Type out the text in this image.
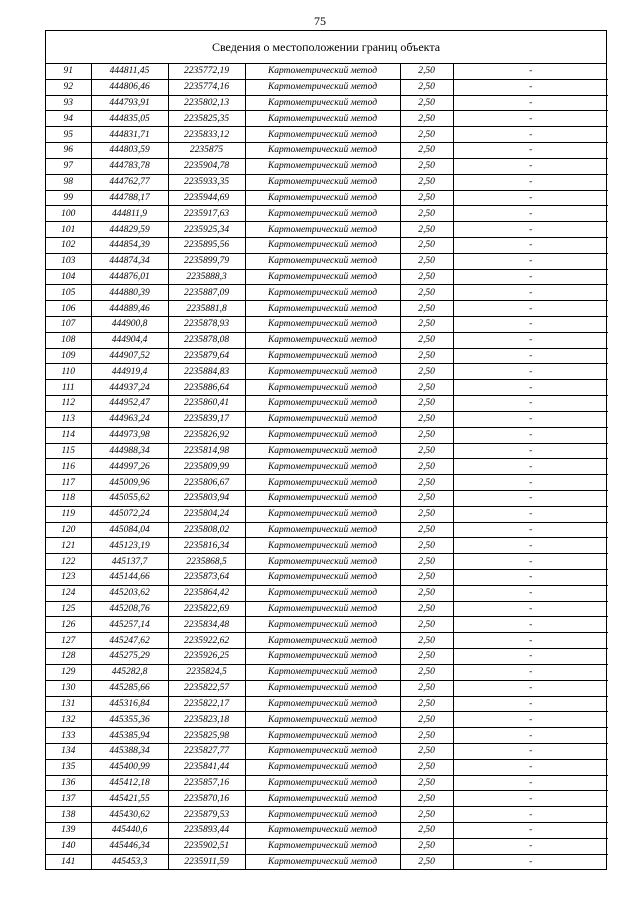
75
Сведения о местоположении границ объекта
91	444811,45	2235772,19	Картометрический метод	2,50	-
92	444806,46	2235774,16	Картометрический метод	2,50	-
93	444793,91	2235802,13	Картометрический метод	2,50	-
94	444835,05	2235825,35	Картометрический метод	2,50	-
95	444831,71	2235833,12	Картометрический метод	2,50	-
96	444803,59	2235875	Картометрический метод	2,50	-
97	444783,78	2235904,78	Картометрический метод	2,50	-
98	444762,77	2235933,35	Картометрический метод	2,50	-
99	444788,17	2235944,69	Картометрический метод	2,50	-
100	444811,9	2235917,63	Картометрический метод	2,50	-
101	444829,59	2235925,34	Картометрический метод	2,50	-
102	444854,39	2235895,56	Картометрический метод	2,50	-
103	444874,34	2235899,79	Картометрический метод	2,50	-
104	444876,01	2235888,3	Картометрический метод	2,50	-
105	444880,39	2235887,09	Картометрический метод	2,50	-
106	444889,46	2235881,8	Картометрический метод	2,50	-
107	444900,8	2235878,93	Картометрический метод	2,50	-
108	444904,4	2235878,08	Картометрический метод	2,50	-
109	444907,52	2235879,64	Картометрический метод	2,50	-
110	444919,4	2235884,83	Картометрический метод	2,50	-
111	444937,24	2235886,64	Картометрический метод	2,50	-
112	444952,47	2235860,41	Картометрический метод	2,50	-
113	444963,24	2235839,17	Картометрический метод	2,50	-
114	444973,98	2235826,92	Картометрический метод	2,50	-
115	444988,34	2235814,98	Картометрический метод	2,50	-
116	444997,26	2235809,99	Картометрический метод	2,50	-
117	445009,96	2235806,67	Картометрический метод	2,50	-
118	445055,62	2235803,94	Картометрический метод	2,50	-
119	445072,24	2235804,24	Картометрический метод	2,50	-
120	445084,04	2235808,02	Картометрический метод	2,50	-
121	445123,19	2235816,34	Картометрический метод	2,50	-
122	445137,7	2235868,5	Картометрический метод	2,50	-
123	445144,66	2235873,64	Картометрический метод	2,50	-
124	445203,62	2235864,42	Картометрический метод	2,50	-
125	445208,76	2235822,69	Картометрический метод	2,50	-
126	445257,14	2235834,48	Картометрический метод	2,50	-
127	445247,62	2235922,62	Картометрический метод	2,50	-
128	445275,29	2235926,25	Картометрический метод	2,50	-
129	445282,8	2235824,5	Картометрический метод	2,50	-
130	445285,66	2235822,57	Картометрический метод	2,50	-
131	445316,84	2235822,17	Картометрический метод	2,50	-
132	445355,36	2235823,18	Картометрический метод	2,50	-
133	445385,94	2235825,98	Картометрический метод	2,50	-
134	445388,34	2235827,77	Картометрический метод	2,50	-
135	445400,99	2235841,44	Картометрический метод	2,50	-
136	445412,18	2235857,16	Картометрический метод	2,50	-
137	445421,55	2235870,16	Картометрический метод	2,50	-
138	445430,62	2235879,53	Картометрический метод	2,50	-
139	445440,6	2235893,44	Картометрический метод	2,50	-
140	445446,34	2235902,51	Картометрический метод	2,50	-
141	445453,3	2235911,59	Картометрический метод	2,50	-
